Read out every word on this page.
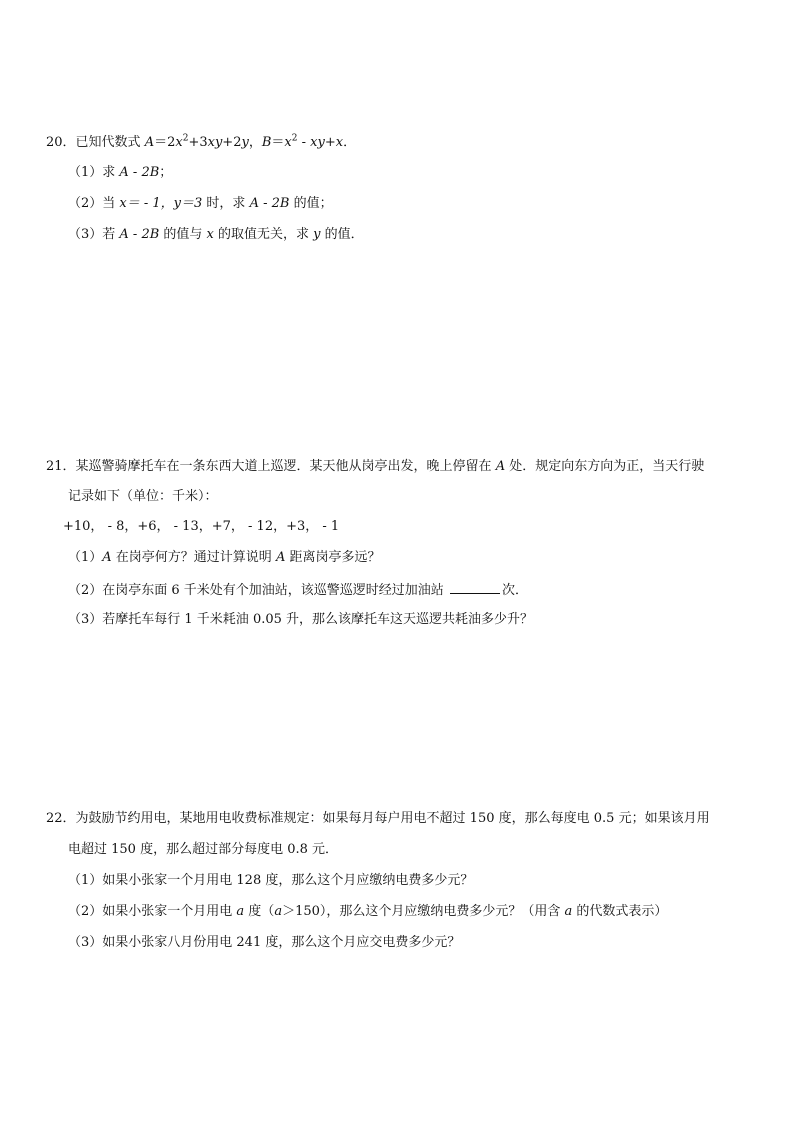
20．已知代数式 $A=2x^2+3xy+2y$，$B=x^2 - xy+x$．
（1）求 A - 2B；
（2）当 x＝ - 1，y＝3 时，求 A - 2B 的值；
（3）若 A - 2B 的值与 x 的取值无关，求 y 的值．
21．某巡警骑摩托车在一条东西大道上巡逻．某天他从岗亭出发，晚上停留在 A 处．规定向东方向为正，当天行驶
记录如下（单位：千米）：
+10， - 8，+6， - 13，+7， - 12，+3， - 1
（1）A 在岗亭何方？通过计算说明 A 距离岗亭多远？
（2）在岗亭东面 6 千米处有个加油站，该巡警巡逻时经过加油站	次．
（3）若摩托车每行 1 千米耗油 0.05 升，那么该摩托车这天巡逻共耗油多少升？
22．为鼓励节约用电，某地用电收费标准规定：如果每月每户用电不超过 150 度，那么每度电 0.5 元；如果该月用
电超过 150 度，那么超过部分每度电 0.8 元．
（1）如果小张家一个月用电 128 度，那么这个月应缴纳电费多少元？
（2）如果小张家一个月用电 a 度（a＞150），那么这个月应缴纳电费多少元？（用含 a 的代数式表示）
（3）如果小张家八月份用电 241 度，那么这个月应交电费多少元？
